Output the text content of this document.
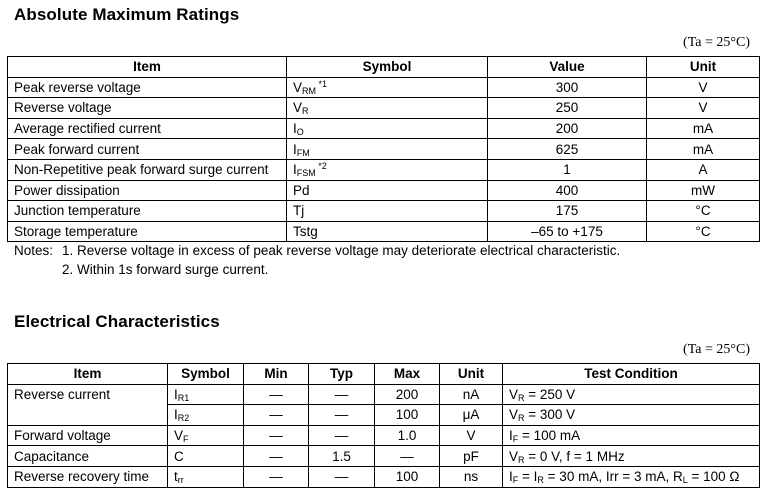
Absolute Maximum Ratings
(Ta = 25°C)
Item	Symbol	Value	Unit
Peak reverse voltage	$V_{RM}$ $^{*1}$	300	V
Reverse voltage	$V_R$	250	V
Average rectified current	$I_O$	200	mA
Peak forward current	$I_{FM}$	625	mA
Non-Repetitive peak forward surge current	$I_{FSM}$ $^{*2}$	1	A
Power dissipation	Pd	400	mW
Junction temperature	Tj	175	°C
Storage temperature	Tstg	–65 to +175	°C
Notes: 1. Reverse voltage in excess of peak reverse voltage may deteriorate electrical characteristic.
2. Within 1s forward surge current.
Electrical Characteristics
(Ta = 25°C)
Item	Symbol	Min	Typ	Max	Unit	Test Condition
Reverse current	$I_{R1}$	—	—	200	nA	$V_R = 250$ V
	$I_{R2}$	—	—	100	μA	$V_R = 300$ V
Forward voltage	$V_F$	—	—	1.0	V	$I_F = 100$ mA
Capacitance	C	—	1.5	—	pF	$V_R = 0$ V, f = 1 MHz
Reverse recovery time	$t_{rr}$	—	—	100	ns	$I_F = I_R = 30$ mA, Irr = 3 mA, $R_L = 100$ Ω
